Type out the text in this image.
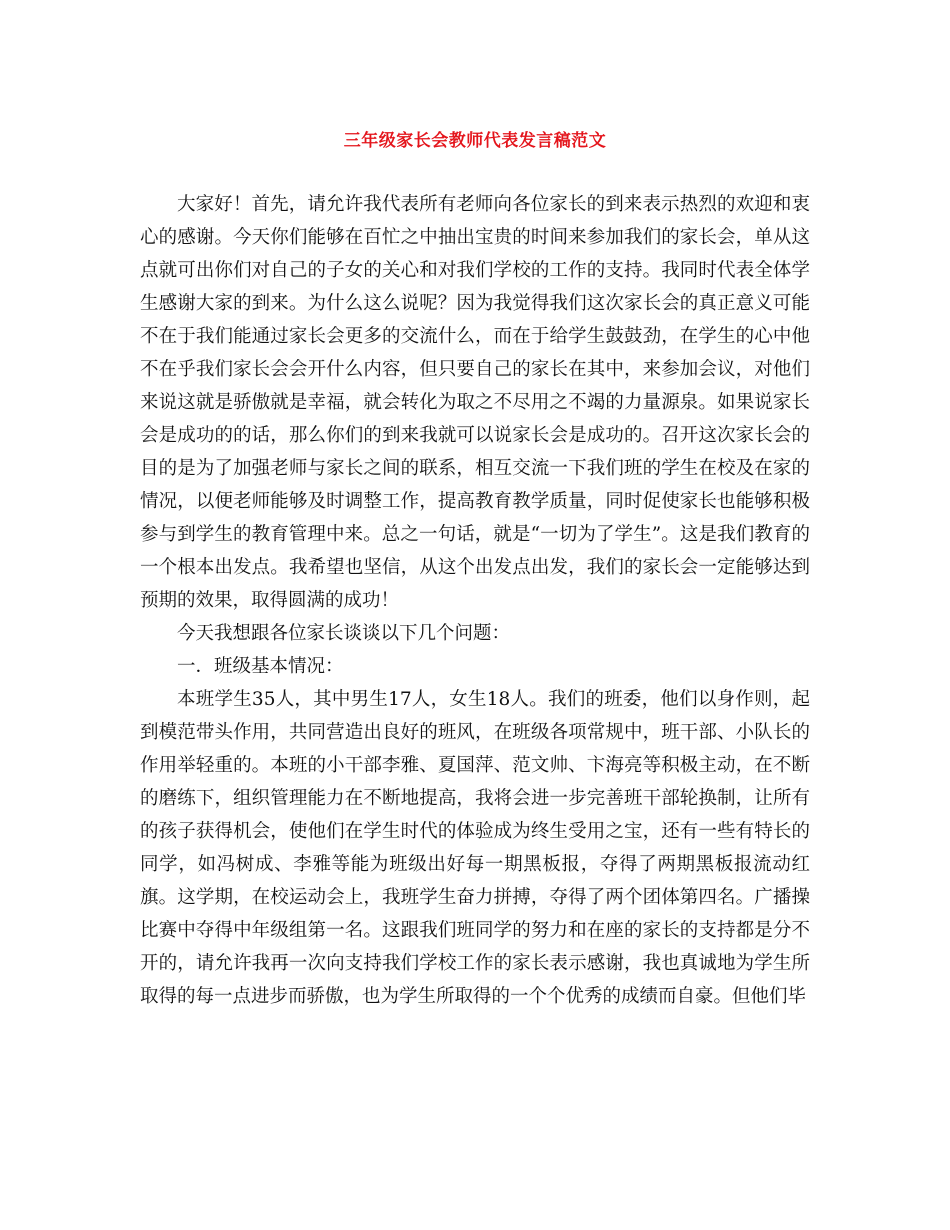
三年级家长会教师代表发言稿范文

大家好！首先，请允许我代表所有老师向各位家长的到来表示热烈的欢迎和衷心的感谢。今天你们能够在百忙之中抽出宝贵的时间来参加我们的家长会，单从这点就可出你们对自己的子女的关心和对我们学校的工作的支持。我同时代表全体学生感谢大家的到来。为什么这么说呢？因为我觉得我们这次家长会的真正意义可能不在于我们能通过家长会更多的交流什么，而在于给学生鼓鼓劲，在学生的心中他不在乎我们家长会会开什么内容，但只要自己的家长在其中，来参加会议，对他们来说这就是骄傲就是幸福，就会转化为取之不尽用之不竭的力量源泉。如果说家长会是成功的的话，那么你们的到来我就可以说家长会是成功的。召开这次家长会的目的是为了加强老师与家长之间的联系，相互交流一下我们班的学生在校及在家的情况，以便老师能够及时调整工作，提高教育教学质量，同时促使家长也能够积极参与到学生的教育管理中来。总之一句话，就是“一切为了学生”。这是我们教育的一个根本出发点。我希望也坚信，从这个出发点出发，我们的家长会一定能够达到预期的效果，取得圆满的成功！

今天我想跟各位家长谈谈以下几个问题：

一．班级基本情况：

本班学生35人，其中男生17人，女生18人。我们的班委，他们以身作则，起到模范带头作用，共同营造出良好的班风，在班级各项常规中，班干部、小队长的作用举轻重的。本班的小干部李雅、夏国萍、范文帅、卞海亮等积极主动，在不断的磨练下，组织管理能力在不断地提高，我将会进一步完善班干部轮换制，让所有的孩子获得机会，使他们在学生时代的体验成为终生受用之宝，还有一些有特长的同学，如冯树成、李雅等能为班级出好每一期黑板报，夺得了两期黑板报流动红旗。这学期，在校运动会上，我班学生奋力拼搏，夺得了两个团体第四名。广播操比赛中夺得中年级组第一名。这跟我们班同学的努力和在座的家长的支持都是分不开的，请允许我再一次向支持我们学校工作的家长表示感谢，我也真诚地为学生所取得的每一点进步而骄傲，也为学生所取得的一个个优秀的成绩而自豪。但他们毕
